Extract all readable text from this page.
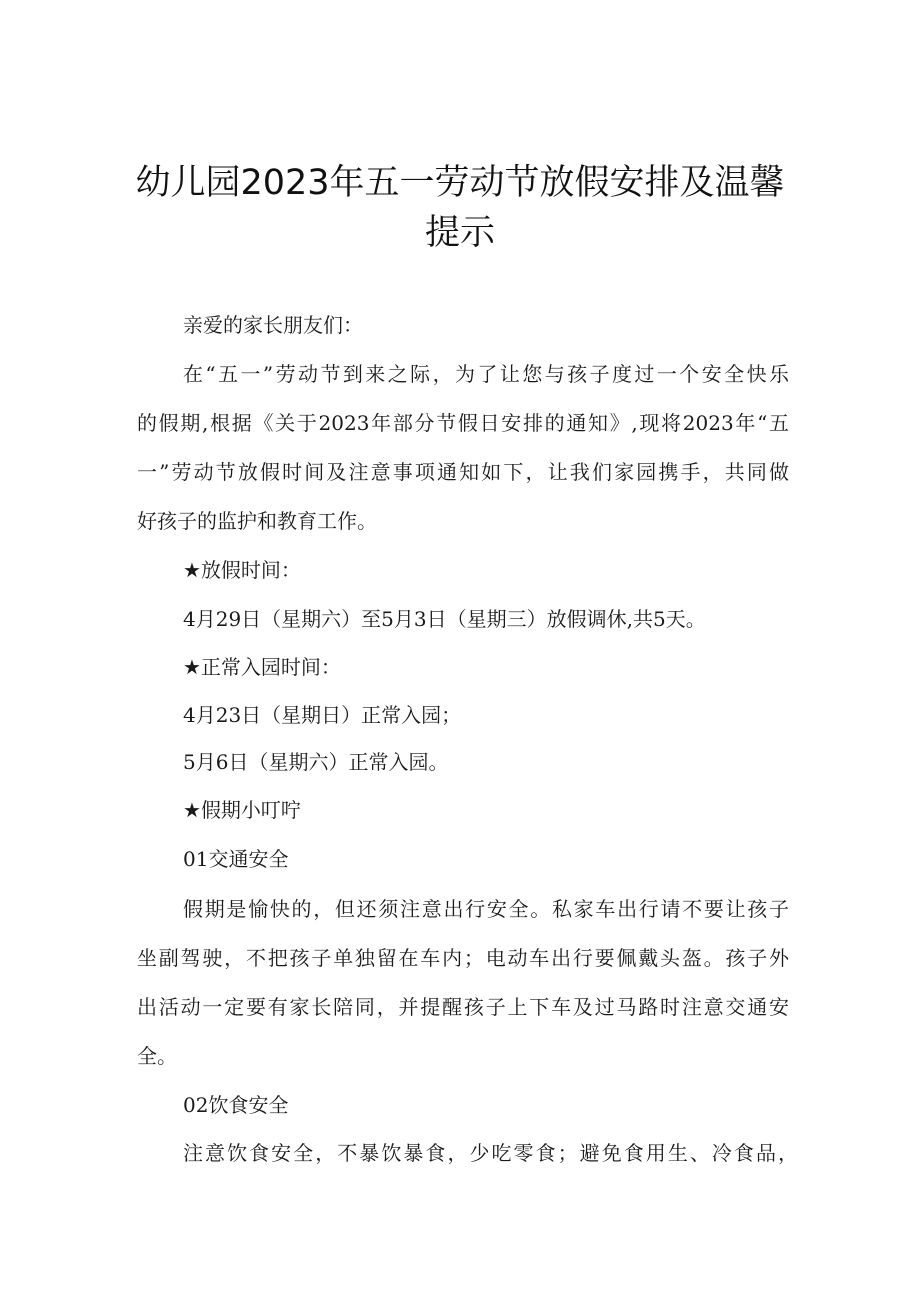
幼儿园2023年五一劳动节放假安排及温馨
提示
亲爱的家长朋友们：
在“五一”劳动节到来之际，为了让您与孩子度过一个安全快乐
的假期,根据《关于2023年部分节假日安排的通知》,现将2023年“五
一”劳动节放假时间及注意事项通知如下，让我们家园携手，共同做
好孩子的监护和教育工作。
★放假时间：
4月29日（星期六）至5月3日（星期三）放假调休,共5天。
★正常入园时间：
4月23日（星期日）正常入园；
5月6日（星期六）正常入园。
★假期小叮咛
01交通安全
假期是愉快的，但还须注意出行安全。私家车出行请不要让孩子
坐副驾驶，不把孩子单独留在车内；电动车出行要佩戴头盔。孩子外
出活动一定要有家长陪同，并提醒孩子上下车及过马路时注意交通安
全。
02饮食安全
注意饮食安全，不暴饮暴食，少吃零食；避免食用生、冷食品，
